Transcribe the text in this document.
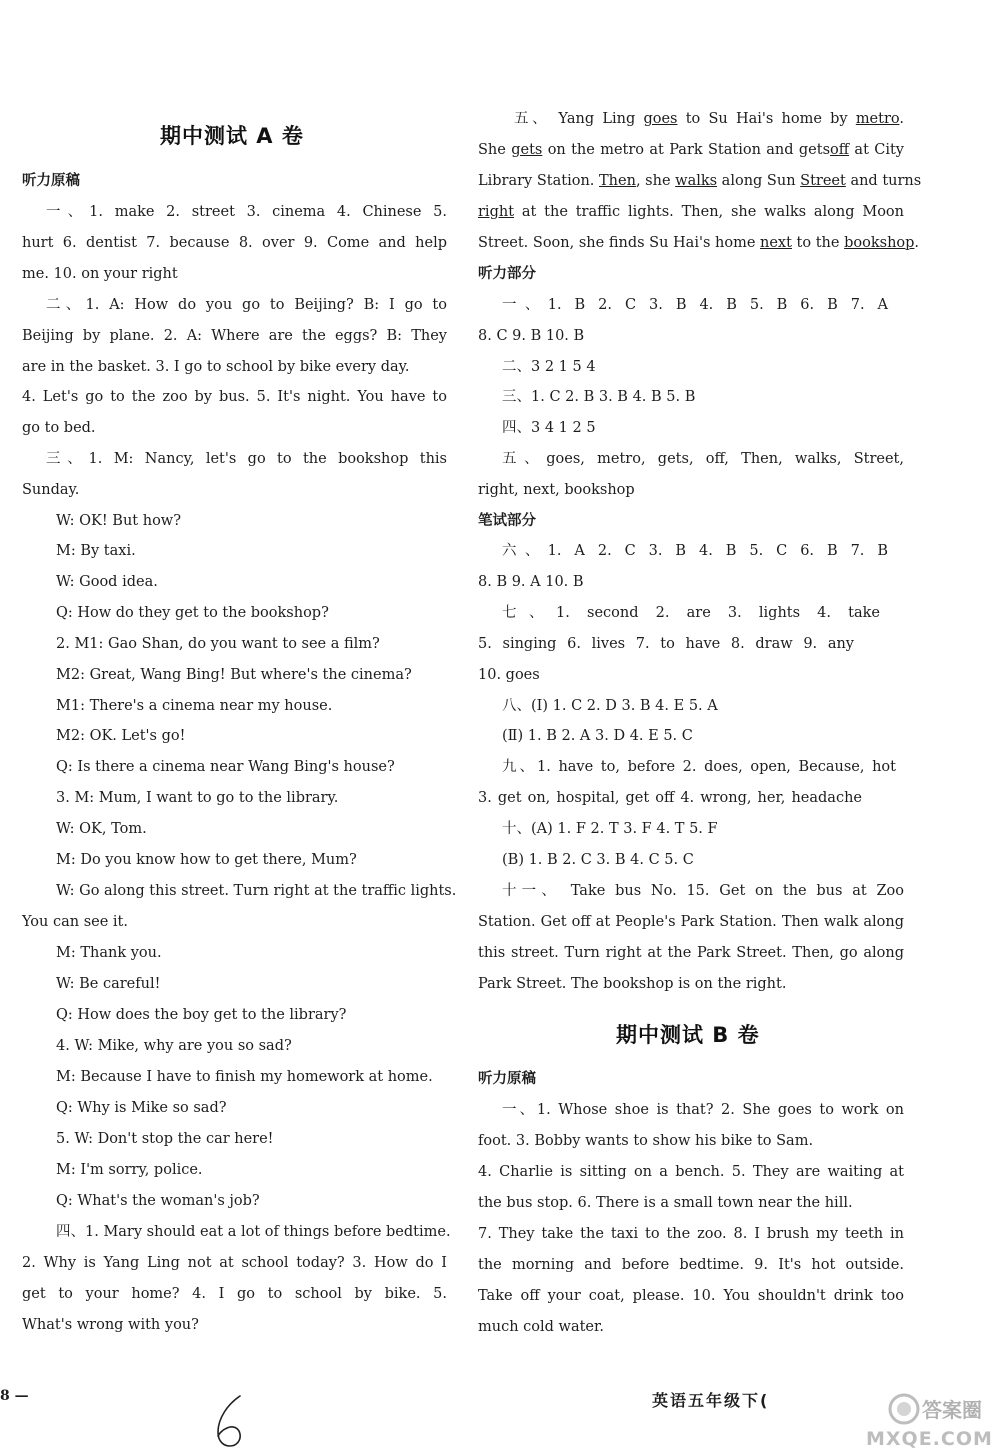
期中测试 A 卷
听力原稿
一、1. make 2. street 3. cinema 4. Chinese 5.
hurt 6. dentist 7. because 8. over 9. Come and help
me. 10. on your right
二、1. A: How do you go to Beijing? B: I go to
Beijing by plane. 2. A: Where are the eggs? B: They
are in the basket. 3. I go to school by bike every day.
4. Let's go to the zoo by bus. 5. It's night. You have to
go to bed.
三、1. M: Nancy, let's go to the bookshop this
Sunday.
W: OK! But how?
M: By taxi.
W: Good idea.
Q: How do they get to the bookshop?
2. M1: Gao Shan, do you want to see a film?
M2: Great, Wang Bing! But where's the cinema?
M1: There's a cinema near my house.
M2: OK. Let's go!
Q: Is there a cinema near Wang Bing's house?
3. M: Mum, I want to go to the library.
W: OK, Tom.
M: Do you know how to get there, Mum?
W: Go along this street. Turn right at the traffic lights.
You can see it.
M: Thank you.
W: Be careful!
Q: How does the boy get to the library?
4. W: Mike, why are you so sad?
M: Because I have to finish my homework at home.
Q: Why is Mike so sad?
5. W: Don't stop the car here!
M: I'm sorry, police.
Q: What's the woman's job?
四、1. Mary should eat a lot of things before bedtime.
2. Why is Yang Ling not at school today? 3. How do I
get to your home? 4. I go to school by bike. 5.
What's wrong with you?
五、 Yang Ling goes to Su Hai's home by metro.
She gets on the metro at Park Station and getsoff at City
Library Station. Then, she walks along Sun Street and turns
right at the traffic lights. Then, she walks along Moon
Street. Soon, she finds Su Hai's home next to the bookshop.
听力部分
一、1. B 2. C 3. B 4. B 5. B 6. B 7. A
8. C 9. B 10. B
二、3 2 1 5 4
三、1. C 2. B 3. B 4. B 5. B
四、3 4 1 2 5
五、goes, metro, gets, off, Then, walks, Street,
right, next, bookshop
笔试部分
六、1. A 2. C 3. B 4. B 5. C 6. B 7. B
8. B 9. A 10. B
七、1. second 2. are 3. lights 4. take
5. singing 6. lives 7. to have 8. draw 9. any
10. goes
八、(Ⅰ) 1. C 2. D 3. B 4. E 5. A
(Ⅱ) 1. B 2. A 3. D 4. E 5. C
九、1. have to, before 2. does, open, Because, hot
3. get on, hospital, get off 4. wrong, her, headache
十、(A) 1. F 2. T 3. F 4. T 5. F
(B) 1. B 2. C 3. B 4. C 5. C
十一、 Take bus No. 15. Get on the bus at Zoo
Station. Get off at People's Park Station. Then walk along
this street. Turn right at the Park Street. Then, go along
Park Street. The bookshop is on the right.
期中测试 B 卷
听力原稿
一、1. Whose shoe is that? 2. She goes to work on
foot. 3. Bobby wants to show his bike to Sam.
4. Charlie is sitting on a bench. 5. They are waiting at
the bus stop. 6. There is a small town near the hill.
7. They take the taxi to the zoo. 8. I brush my teeth in
the morning and before bedtime. 9. It's hot outside.
Take off your coat, please. 10. You shouldn't drink too
much cold water.
8 —	英语五年级下(	答案圈
MXQE.COM
